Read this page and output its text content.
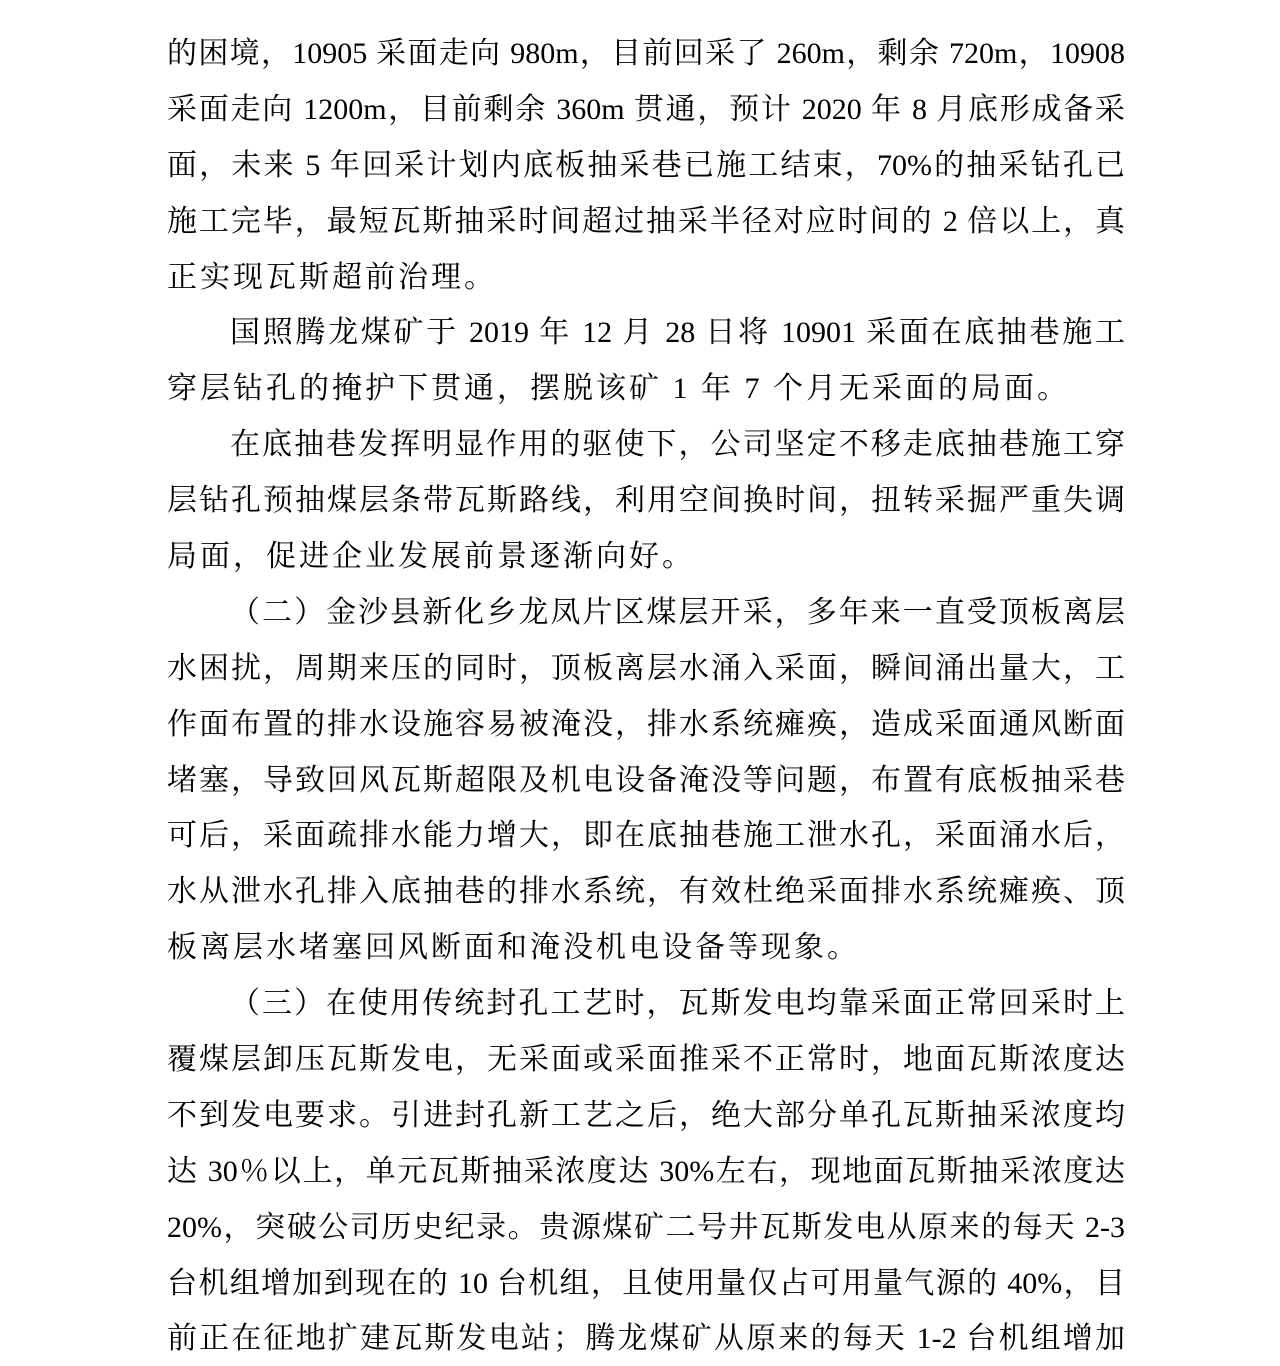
的困境，10905 采面走向 980m，目前回采了 260m，剩余 720m，10908
采面走向 1200m，目前剩余 360m 贯通，预计 2020 年 8 月底形成备采
面，未来 5 年回采计划内底板抽采巷已施工结束，70%的抽采钻孔已
施工完毕，最短瓦斯抽采时间超过抽采半径对应时间的 2 倍以上，真
正实现瓦斯超前治理。
国照腾龙煤矿于 2019 年 12 月 28 日将 10901 采面在底抽巷施工
穿层钻孔的掩护下贯通，摆脱该矿 1 年 7 个月无采面的局面。
在底抽巷发挥明显作用的驱使下，公司坚定不移走底抽巷施工穿
层钻孔预抽煤层条带瓦斯路线，利用空间换时间，扭转采掘严重失调
局面，促进企业发展前景逐渐向好。
（二）金沙县新化乡龙凤片区煤层开采，多年来一直受顶板离层
水困扰，周期来压的同时，顶板离层水涌入采面，瞬间涌出量大，工
作面布置的排水设施容易被淹没，排水系统瘫痪，造成采面通风断面
堵塞，导致回风瓦斯超限及机电设备淹没等问题，布置有底板抽采巷
可后，采面疏排水能力增大，即在底抽巷施工泄水孔，采面涌水后，
水从泄水孔排入底抽巷的排水系统，有效杜绝采面排水系统瘫痪、顶
板离层水堵塞回风断面和淹没机电设备等现象。
（三）在使用传统封孔工艺时，瓦斯发电均靠采面正常回采时上
覆煤层卸压瓦斯发电，无采面或采面推采不正常时，地面瓦斯浓度达
不到发电要求。引进封孔新工艺之后，绝大部分单孔瓦斯抽采浓度均
达 30％以上，单元瓦斯抽采浓度达 30%左右，现地面瓦斯抽采浓度达
20%，突破公司历史纪录。贵源煤矿二号井瓦斯发电从原来的每天 2-3
台机组增加到现在的 10 台机组，且使用量仅占可用量气源的 40%，目
前正在征地扩建瓦斯发电站；腾龙煤矿从原来的每天 1-2 台机组增加
